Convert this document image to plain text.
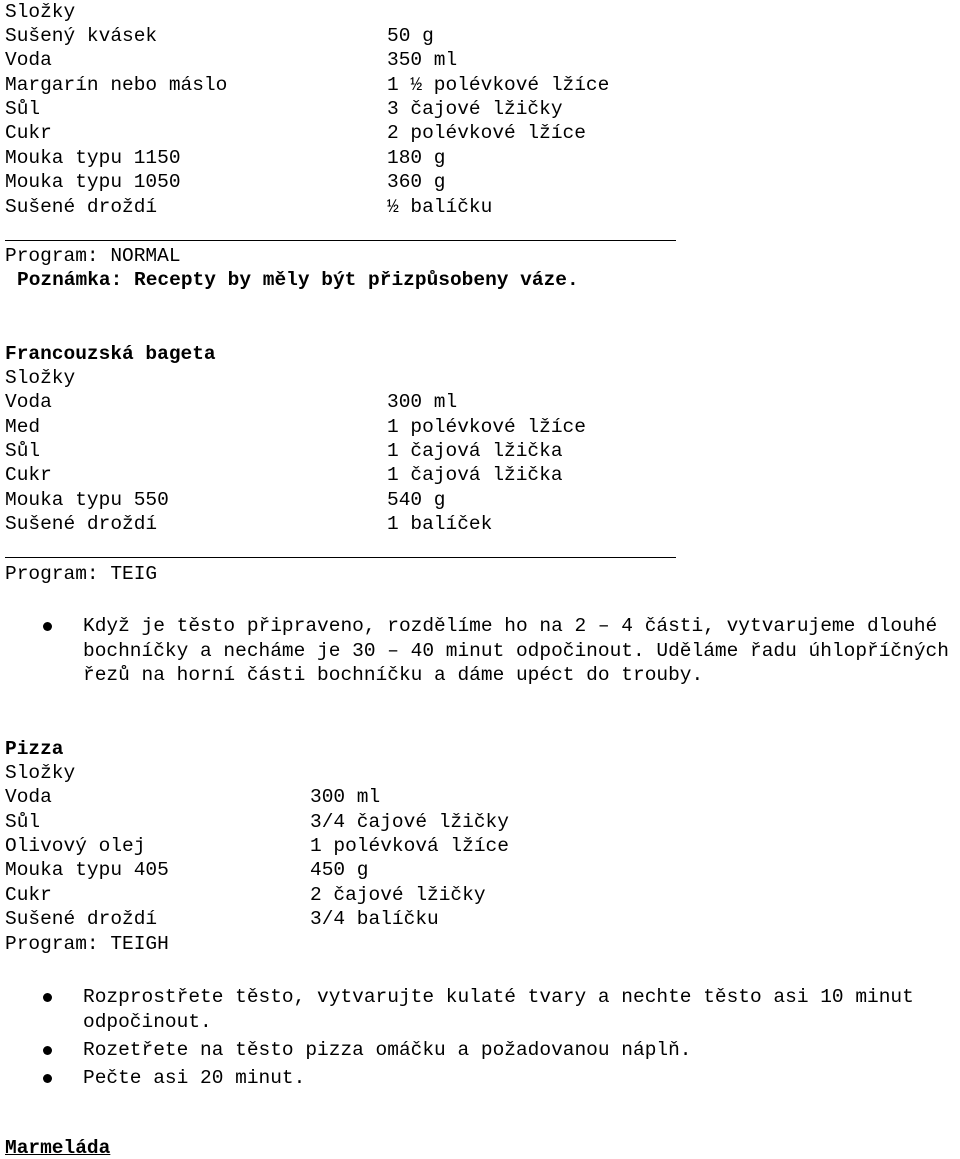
Složky
Sušený kvásek	50 g
Voda	350 ml
Margarín nebo máslo	1 ½ polévkové lžíce
Sůl	3 čajové lžičky
Cukr	2 polévkové lžíce
Mouka typu 1150	180 g
Mouka typu 1050	360 g
Sušené droždí	½ balíčku
Program: NORMAL
Poznámka: Recepty by měly být přizpůsobeny váze.
Francouzská bageta
Složky
Voda	300 ml
Med	1 polévkové lžíce
Sůl	1 čajová lžička
Cukr	1 čajová lžička
Mouka typu 550	540 g
Sušené droždí	1 balíček
Program: TEIG
Když je těsto připraveno, rozdělíme ho na 2 – 4 části, vytvarujeme dlouhé bochníčky a necháme je 30 – 40 minut odpočinout. Uděláme řadu úhlopříčných řezů na horní části bochníčku a dáme upéct do trouby.
Pizza
Složky
Voda	300 ml
Sůl	3/4 čajové lžičky
Olivový olej	1 polévková lžíce
Mouka typu 405	450 g
Cukr	2 čajové lžičky
Sušené droždí	3/4 balíčku
Program: TEIGH
Rozprostřete těsto, vytvarujte kulaté tvary a nechte těsto asi 10 minut odpočinout.
Rozetřete na těsto pizza omáčku a požadovanou náplň.
Pečte asi 20 minut.
Marmeláda
